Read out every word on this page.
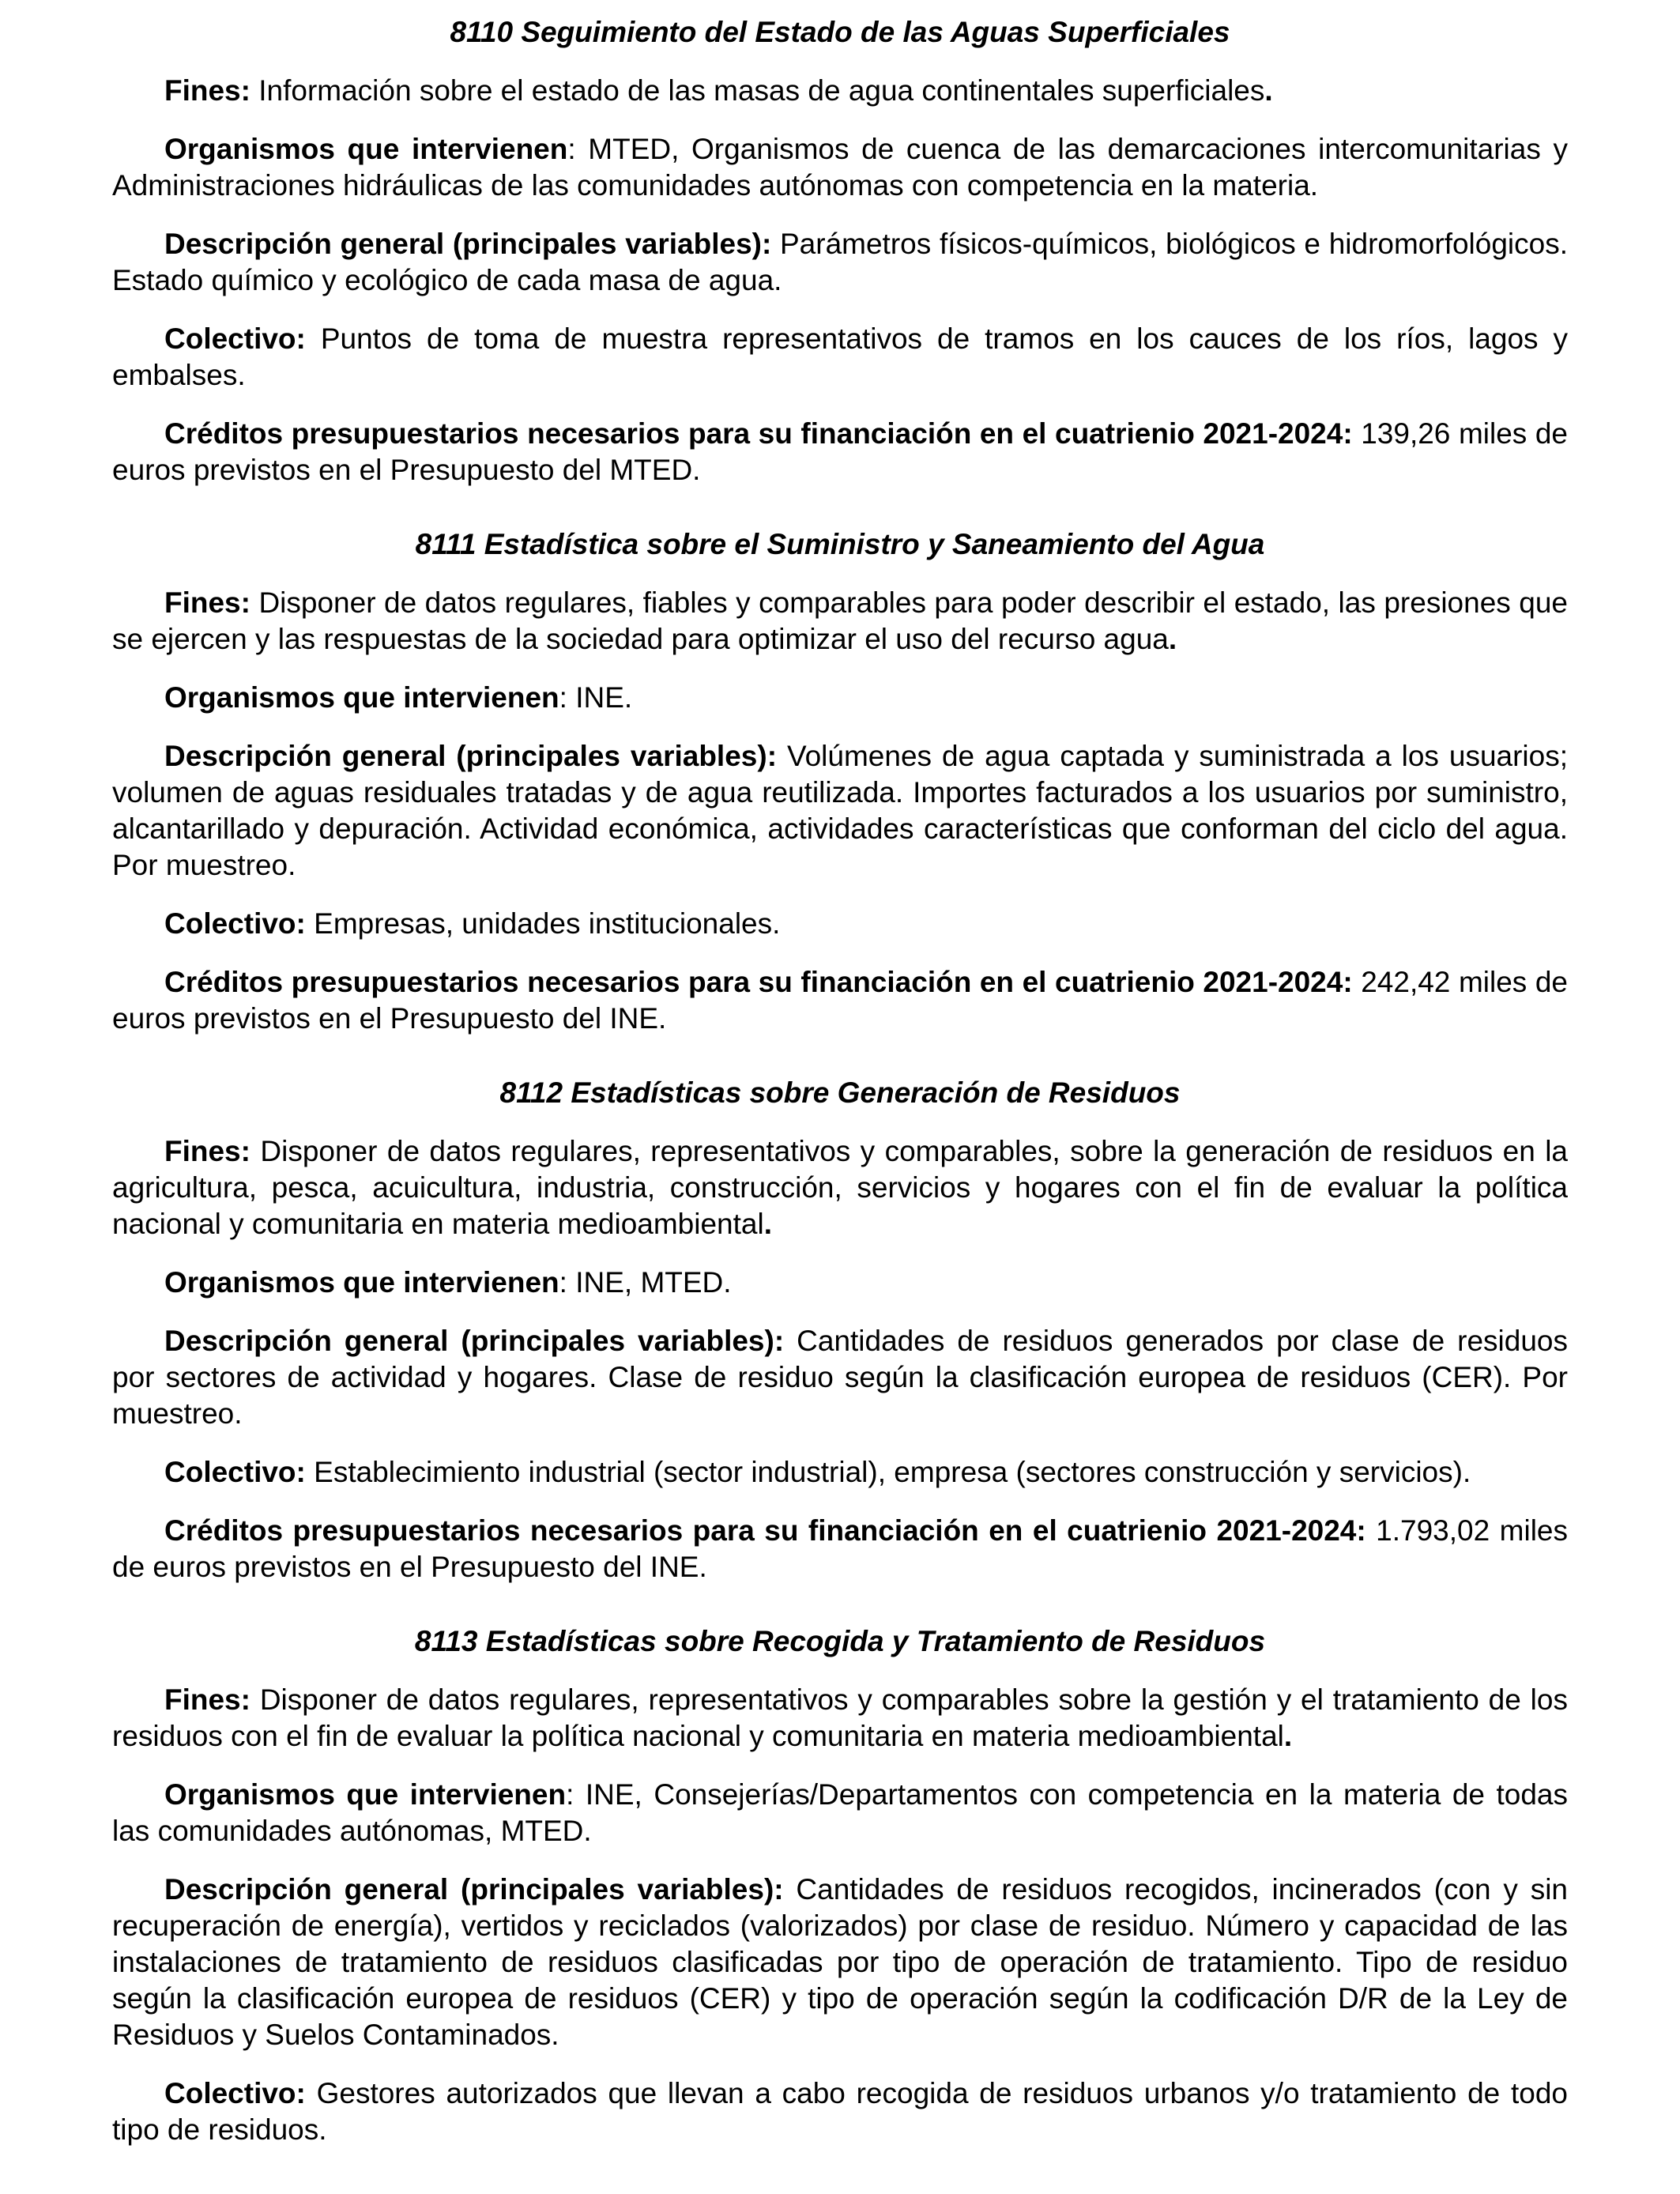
8110 Seguimiento del Estado de las Aguas Superficiales

Fines: Información sobre el estado de las masas de agua continentales superficiales.

Organismos que intervienen: MTED, Organismos de cuenca de las demarcaciones intercomunitarias y Administraciones hidráulicas de las comunidades autónomas con competencia en la materia.

Descripción general (principales variables): Parámetros físicos-químicos, biológicos e hidromorfológicos. Estado químico y ecológico de cada masa de agua.

Colectivo: Puntos de toma de muestra representativos de tramos en los cauces de los ríos, lagos y embalses.

Créditos presupuestarios necesarios para su financiación en el cuatrienio 2021-2024: 139,26 miles de euros previstos en el Presupuesto del MTED.

8111 Estadística sobre el Suministro y Saneamiento del Agua

Fines: Disponer de datos regulares, fiables y comparables para poder describir el estado, las presiones que se ejercen y las respuestas de la sociedad para optimizar el uso del recurso agua.

Organismos que intervienen: INE.

Descripción general (principales variables): Volúmenes de agua captada y suministrada a los usuarios; volumen de aguas residuales tratadas y de agua reutilizada. Importes facturados a los usuarios por suministro, alcantarillado y depuración. Actividad económica, actividades características que conforman del ciclo del agua. Por muestreo.

Colectivo: Empresas, unidades institucionales.

Créditos presupuestarios necesarios para su financiación en el cuatrienio 2021-2024: 242,42 miles de euros previstos en el Presupuesto del INE.

8112 Estadísticas sobre Generación de Residuos

Fines: Disponer de datos regulares, representativos y comparables, sobre la generación de residuos en la agricultura, pesca, acuicultura, industria, construcción, servicios y hogares con el fin de evaluar la política nacional y comunitaria en materia medioambiental.

Organismos que intervienen: INE, MTED.

Descripción general (principales variables): Cantidades de residuos generados por clase de residuos por sectores de actividad y hogares. Clase de residuo según la clasificación europea de residuos (CER). Por muestreo.

Colectivo: Establecimiento industrial (sector industrial), empresa (sectores construcción y servicios).

Créditos presupuestarios necesarios para su financiación en el cuatrienio 2021-2024: 1.793,02 miles de euros previstos en el Presupuesto del INE.

8113 Estadísticas sobre Recogida y Tratamiento de Residuos

Fines: Disponer de datos regulares, representativos y comparables sobre la gestión y el tratamiento de los residuos con el fin de evaluar la política nacional y comunitaria en materia medioambiental.

Organismos que intervienen: INE, Consejerías/Departamentos con competencia en la materia de todas las comunidades autónomas, MTED.

Descripción general (principales variables): Cantidades de residuos recogidos, incinerados (con y sin recuperación de energía), vertidos y reciclados (valorizados) por clase de residuo. Número y capacidad de las instalaciones de tratamiento de residuos clasificadas por tipo de operación de tratamiento. Tipo de residuo según la clasificación europea de residuos (CER) y tipo de operación según la codificación D/R de la Ley de Residuos y Suelos Contaminados.

Colectivo: Gestores autorizados que llevan a cabo recogida de residuos urbanos y/o tratamiento de todo tipo de residuos.
